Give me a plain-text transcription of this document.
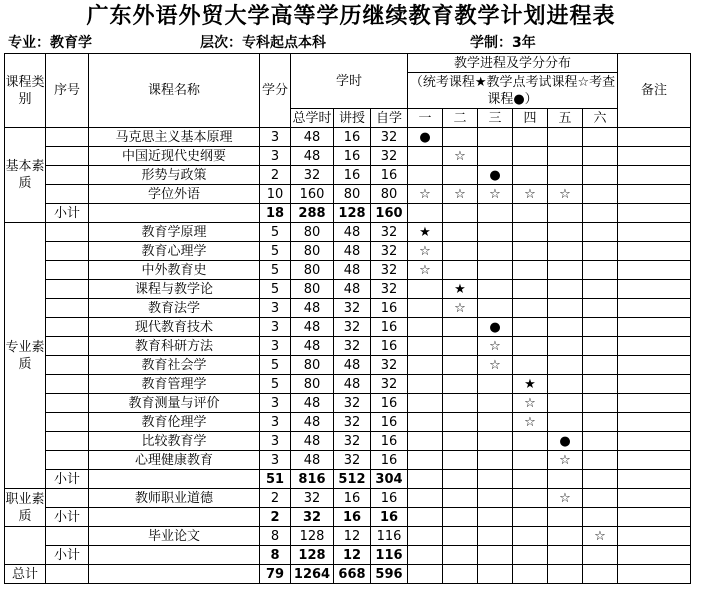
广东外语外贸大学高等学历继续教育教学计划进程表
专业：教育学	层次：专科起点本科	学制：3年
课程类别	序号	课程名称	学分	学时			教学进程及学分分布						备注
							（统考课程★教学点考试课程☆考查课程●）						

				总学时	讲授	自学	一	二	三	四	五	六	
基本素质		马克思主义基本原理	3	48	16	32	●						
		中国近现代史纲要	3	48	16	32		☆					
		形势与政策	2	32	16	16			●				
		学位外语	10	160	80	80	☆	☆	☆	☆	☆		
	小计		18	288	128	160							
专业素质		教育学原理	5	80	48	32	★						
		教育心理学	5	80	48	32	☆						
		中外教育史	5	80	48	32	☆						
		课程与教学论	5	80	48	32		★					
		教育法学	3	48	32	16		☆					
		现代教育技术	3	48	32	16			●				
		教育科研方法	3	48	32	16			☆				
		教育社会学	5	80	48	32			☆				
		教育管理学	5	80	48	32				★			
		教育测量与评价	3	48	32	16				☆			
		教育伦理学	3	48	32	16				☆			
		比较教育学	3	48	32	16					●		
		心理健康教育	3	48	32	16					☆		
	小计		51	816	512	304							
职业素质		教师职业道德	2	32	16	16					☆		
	小计		2	32	16	16							
		毕业论文	8	128	12	116						☆	
	小计		8	128	12	116							
总计			79	1264	668	596							
